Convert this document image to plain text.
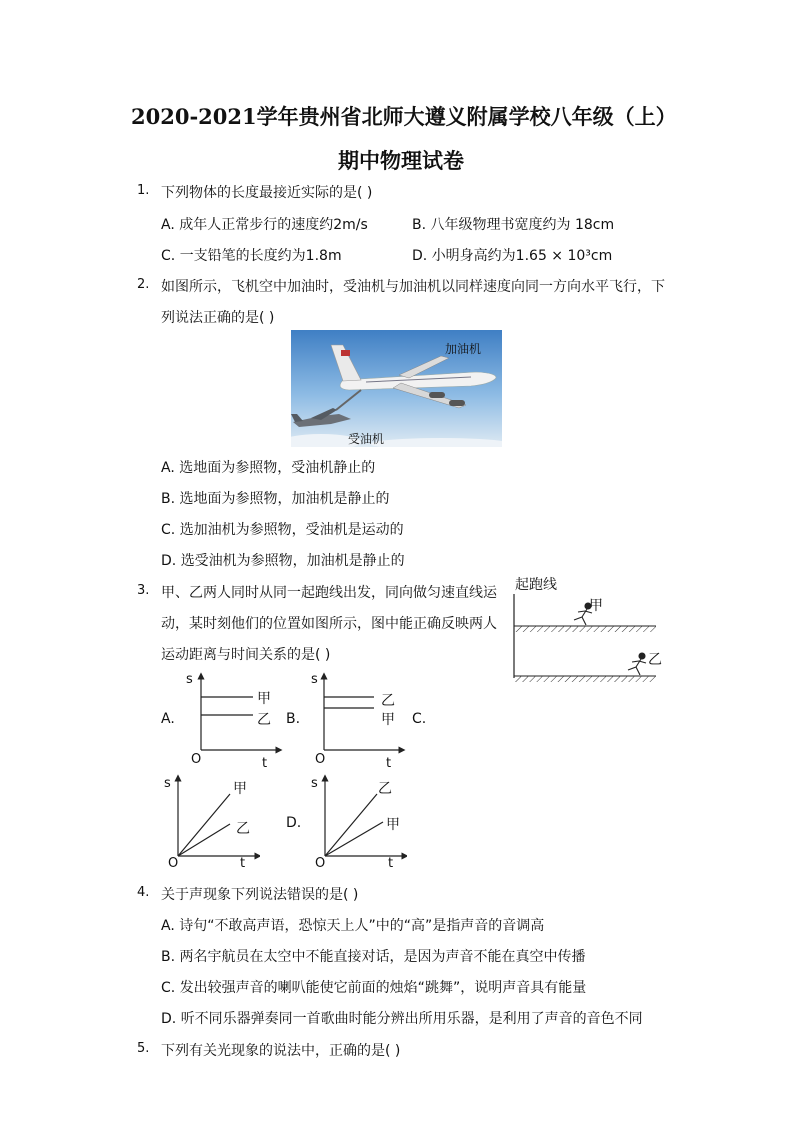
2020-2021学年贵州省北师大遵义附属学校八年级（上）
期中物理试卷
1. 下列物体的长度最接近实际的是( )
A. 成年人正常步行的速度约2m/s	B. 八年级物理书宽度约为 18cm
C. 一支铅笔的长度约为1.8m	D. 小明身高约为1.65 × 10³cm
2. 如图所示，飞机空中加油时，受油机与加油机以同样速度向同一方向水平飞行，下
列说法正确的是( )
加油机
受油机
A. 选地面为参照物，受油机静止的
B. 选地面为参照物，加油机是静止的
C. 选加油机为参照物，受油机是运动的
D. 选受油机为参照物，加油机是静止的
3. 甲、乙两人同时从同一起跑线出发，同向做匀速直线运
动，某时刻他们的位置如图所示，图中能正确反映两人
运动距离与时间关系的是( )
起跑线
甲
乙
A.	B.	C.
D.
s
O	t
甲
乙
s
O	t
乙
甲
s
O	t
甲
乙
s
O	t
乙
甲
4. 关于声现象下列说法错误的是( )
A. 诗句“不敢高声语，恐惊天上人”中的“高”是指声音的音调高
B. 两名宇航员在太空中不能直接对话，是因为声音不能在真空中传播
C. 发出较强声音的喇叭能使它前面的烛焰“跳舞”，说明声音具有能量
D. 听不同乐器弹奏同一首歌曲时能分辨出所用乐器，是利用了声音的音色不同
5. 下列有关光现象的说法中，正确的是( )
